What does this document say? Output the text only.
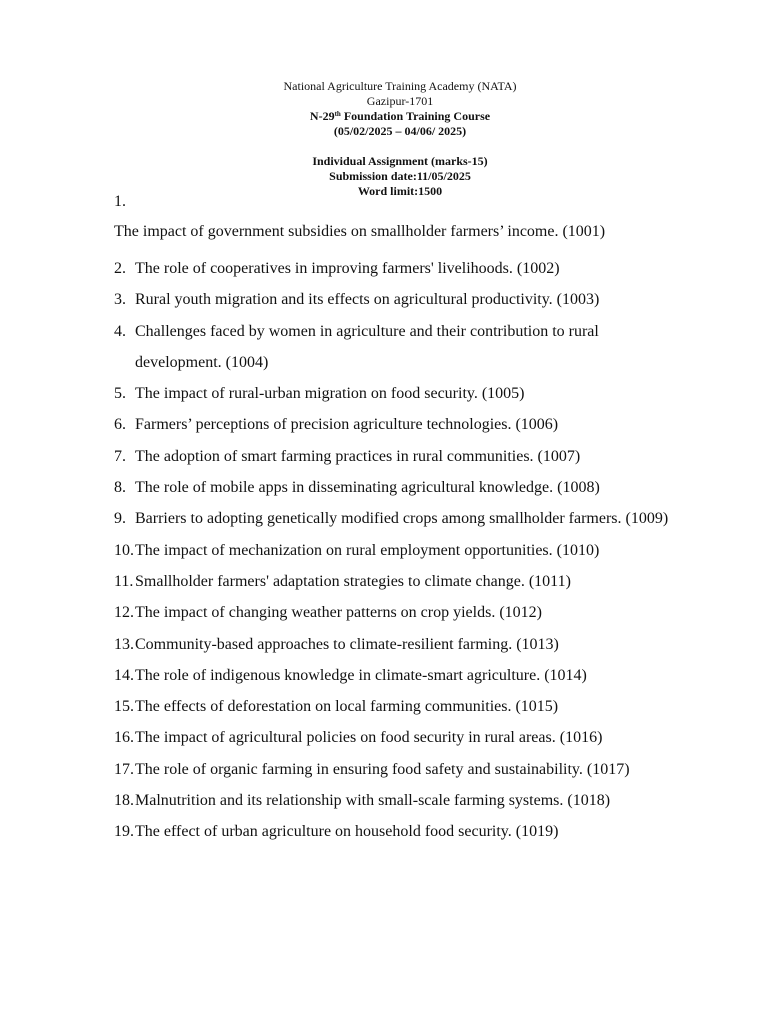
National Agriculture Training Academy (NATA)
Gazipur-1701
N-29th Foundation Training Course
(05/02/2025 – 04/06/ 2025)
Individual Assignment (marks-15)
Submission date:11/05/2025
Word limit:1500
1.
The impact of government subsidies on smallholder farmers’ income. (1001)
2. The role of cooperatives in improving farmers' livelihoods. (1002)
3. Rural youth migration and its effects on agricultural productivity. (1003)
4. Challenges faced by women in agriculture and their contribution to rural development. (1004)
5. The impact of rural-urban migration on food security. (1005)
6. Farmers’ perceptions of precision agriculture technologies. (1006)
7. The adoption of smart farming practices in rural communities. (1007)
8. The role of mobile apps in disseminating agricultural knowledge. (1008)
9. Barriers to adopting genetically modified crops among smallholder farmers. (1009)
10. The impact of mechanization on rural employment opportunities. (1010)
11. Smallholder farmers' adaptation strategies to climate change. (1011)
12. The impact of changing weather patterns on crop yields. (1012)
13. Community-based approaches to climate-resilient farming. (1013)
14. The role of indigenous knowledge in climate-smart agriculture. (1014)
15. The effects of deforestation on local farming communities. (1015)
16. The impact of agricultural policies on food security in rural areas. (1016)
17. The role of organic farming in ensuring food safety and sustainability. (1017)
18. Malnutrition and its relationship with small-scale farming systems. (1018)
19. The effect of urban agriculture on household food security. (1019)
